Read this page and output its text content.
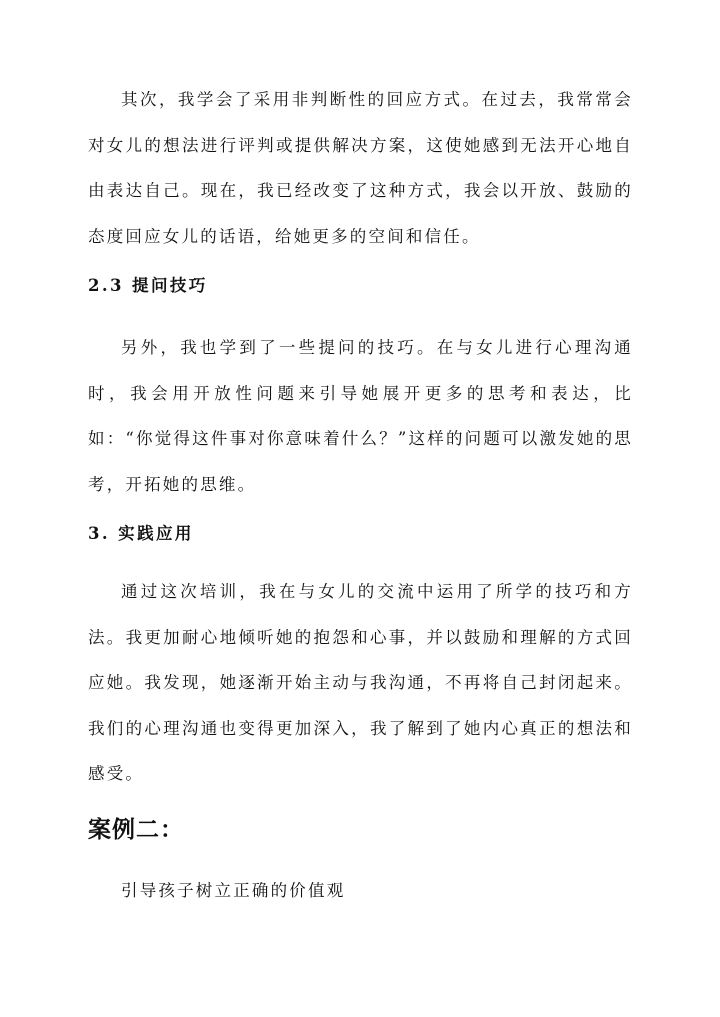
其次，我学会了采用非判断性的回应方式。在过去，我常常会对女儿的想法进行评判或提供解决方案，这使她感到无法开心地自由表达自己。现在，我已经改变了这种方式，我会以开放、鼓励的态度回应女儿的话语，给她更多的空间和信任。

2.3 提问技巧

另外，我也学到了一些提问的技巧。在与女儿进行心理沟通时，我会用开放性问题来引导她展开更多的思考和表达，比如：“你觉得这件事对你意味着什么？”这样的问题可以激发她的思考，开拓她的思维。

3. 实践应用

通过这次培训，我在与女儿的交流中运用了所学的技巧和方法。我更加耐心地倾听她的抱怨和心事，并以鼓励和理解的方式回应她。我发现，她逐渐开始主动与我沟通，不再将自己封闭起来。我们的心理沟通也变得更加深入，我了解到了她内心真正的想法和感受。

案例二：

引导孩子树立正确的价值观
